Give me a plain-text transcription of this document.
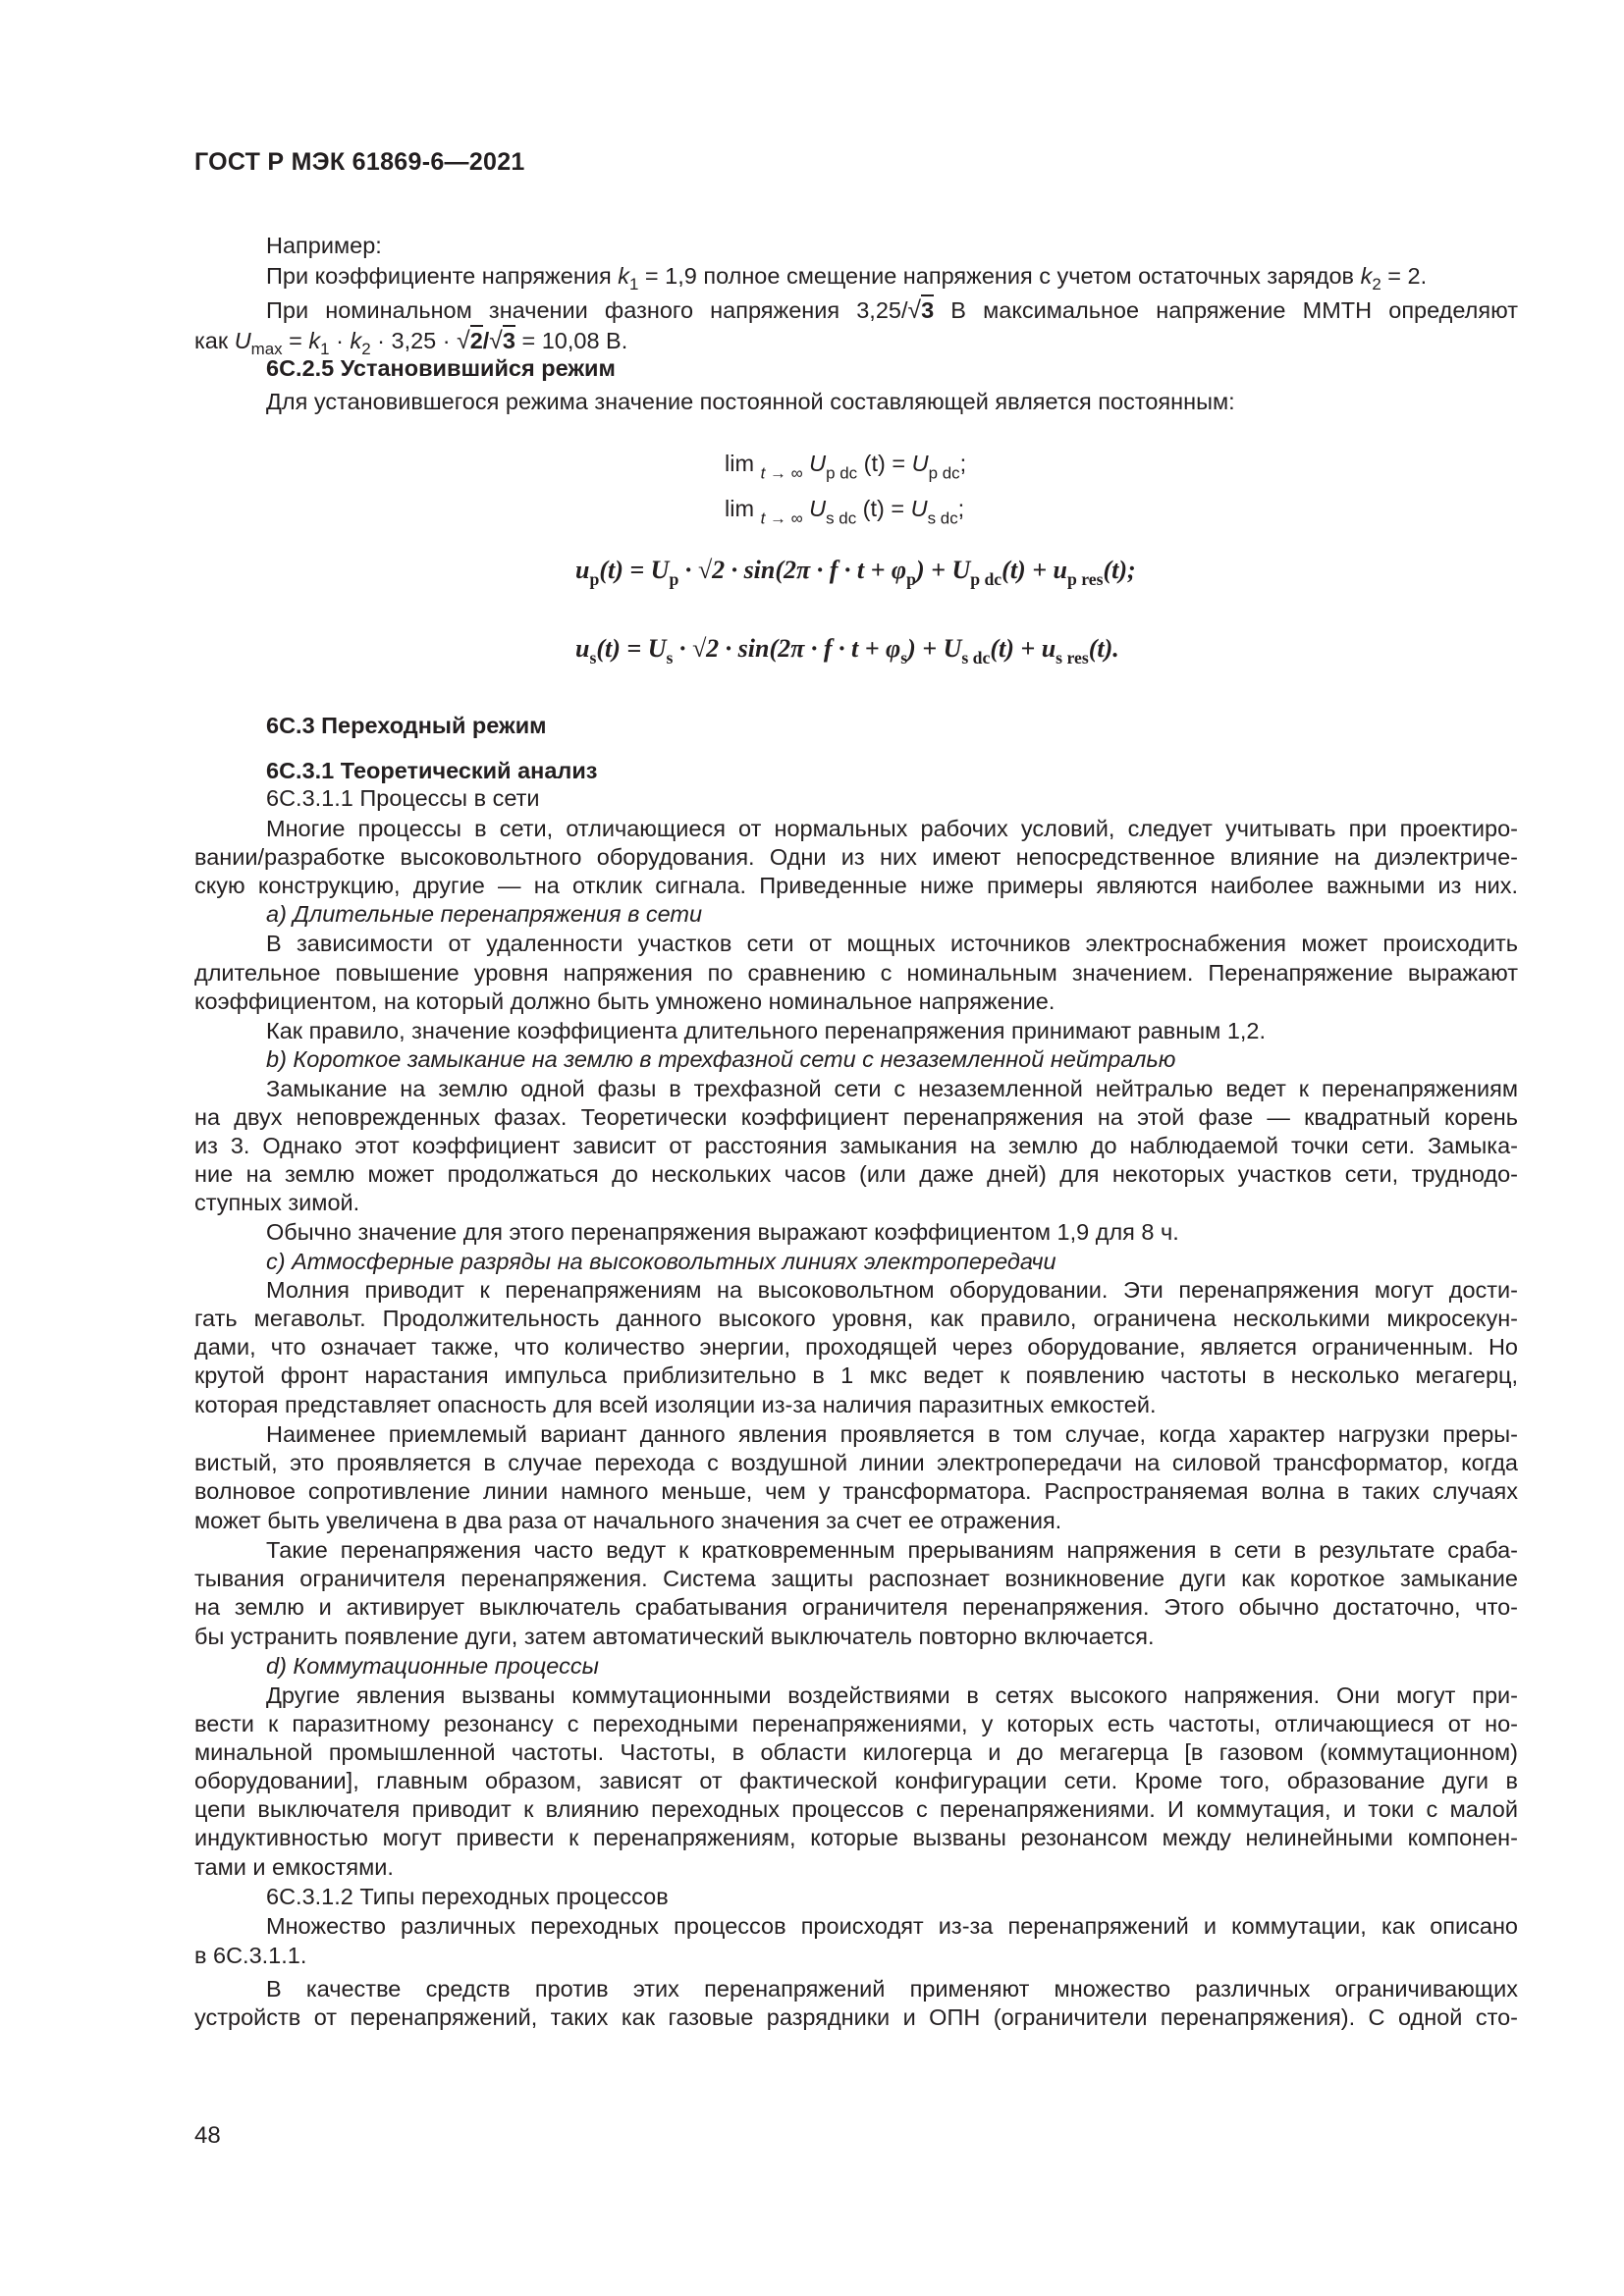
ГОСТ Р МЭК 61869-6—2021
Например:
При коэффициенте напряжения $k_1 = 1,9$ полное смещение напряжения с учетом остаточных зарядов $k_2 = 2$.
При номинальном значении фазного напряжения 3,25/√3 В максимальное напряжение ММТН определяют
как $U_{max} = k_1 \cdot k_2 \cdot 3,25 \cdot √2/√3 = 10,08$ В.
6С.2.5 Установившийся режим
Для установившегося режима значение постоянной составляющей является постоянным:
lim $_{t \to \infty}$ $U_{p dc}$ $(t) = U_{p dc}$;
lim $_{t \to \infty}$ $U_{s dc}$ $(t) = U_{s dc}$;
$u_p(t) = U_p \cdot √2 \cdot \sin(2\pi \cdot f \cdot t + \varphi_p) + U_{p dc}(t) + u_{p res}(t)$;
$u_s(t) = U_s \cdot √2 \cdot \sin(2\pi \cdot f \cdot t + \varphi_s) + U_{s dc}(t) + u_{s res}(t)$.
6С.3 Переходный режим
6С.3.1 Теоретический анализ
6С.3.1.1 Процессы в сети
Многие процессы в сети, отличающиеся от нормальных рабочих условий, следует учитывать при проектиро-
вании/разработке высоковольтного оборудования. Одни из них имеют непосредственное влияние на диэлектриче-
скую конструкцию, другие — на отклик сигнала. Приведенные ниже примеры являются наиболее важными из них.
a) Длительные перенапряжения в сети
В зависимости от удаленности участков сети от мощных источников электроснабжения может происходить
длительное повышение уровня напряжения по сравнению с номинальным значением. Перенапряжение выражают
коэффициентом, на который должно быть умножено номинальное напряжение.
Как правило, значение коэффициента длительного перенапряжения принимают равным 1,2.
b) Короткое замыкание на землю в трехфазной сети с незаземленной нейтралью
Замыкание на землю одной фазы в трехфазной сети с незаземленной нейтралью ведет к перенапряжениям
на двух неповрежденных фазах. Теоретически коэффициент перенапряжения на этой фазе — квадратный корень
из 3. Однако этот коэффициент зависит от расстояния замыкания на землю до наблюдаемой точки сети. Замыка-
ние на землю может продолжаться до нескольких часов (или даже дней) для некоторых участков сети, труднодо-
ступных зимой.
Обычно значение для этого перенапряжения выражают коэффициентом 1,9 для 8 ч.
c) Атмосферные разряды на высоковольтных линиях электропередачи
Молния приводит к перенапряжениям на высоковольтном оборудовании. Эти перенапряжения могут дости-
гать мегавольт. Продолжительность данного высокого уровня, как правило, ограничена несколькими микросекун-
дами, что означает также, что количество энергии, проходящей через оборудование, является ограниченным. Но
крутой фронт нарастания импульса приблизительно в 1 мкс ведет к появлению частоты в несколько мегагерц,
которая представляет опасность для всей изоляции из-за наличия паразитных емкостей.
Наименее приемлемый вариант данного явления проявляется в том случае, когда характер нагрузки преры-
вистый, это проявляется в случае перехода с воздушной линии электропередачи на силовой трансформатор, когда
волновое сопротивление линии намного меньше, чем у трансформатора. Распространяемая волна в таких случаях
может быть увеличена в два раза от начального значения за счет ее отражения.
Такие перенапряжения часто ведут к кратковременным прерываниям напряжения в сети в результате сраба-
тывания ограничителя перенапряжения. Система защиты распознает возникновение дуги как короткое замыкание
на землю и активирует выключатель срабатывания ограничителя перенапряжения. Этого обычно достаточно, что-
бы устранить появление дуги, затем автоматический выключатель повторно включается.
d) Коммутационные процессы
Другие явления вызваны коммутационными воздействиями в сетях высокого напряжения. Они могут при-
вести к паразитному резонансу с переходными перенапряжениями, у которых есть частоты, отличающиеся от но-
минальной промышленной частоты. Частоты, в области килогерца и до мегагерца [в газовом (коммутационном)
оборудовании], главным образом, зависят от фактической конфигурации сети. Кроме того, образование дуги в
цепи выключателя приводит к влиянию переходных процессов с перенапряжениями. И коммутация, и токи с малой
индуктивностью могут привести к перенапряжениям, которые вызваны резонансом между нелинейными компонен-
тами и емкостями.
6С.3.1.2 Типы переходных процессов
Множество различных переходных процессов происходят из-за перенапряжений и коммутации, как описано
в 6С.3.1.1.
В качестве средств против этих перенапряжений применяют множество различных ограничивающих
устройств от перенапряжений, таких как газовые разрядники и ОПН (ограничители перенапряжения). С одной сто-
48
